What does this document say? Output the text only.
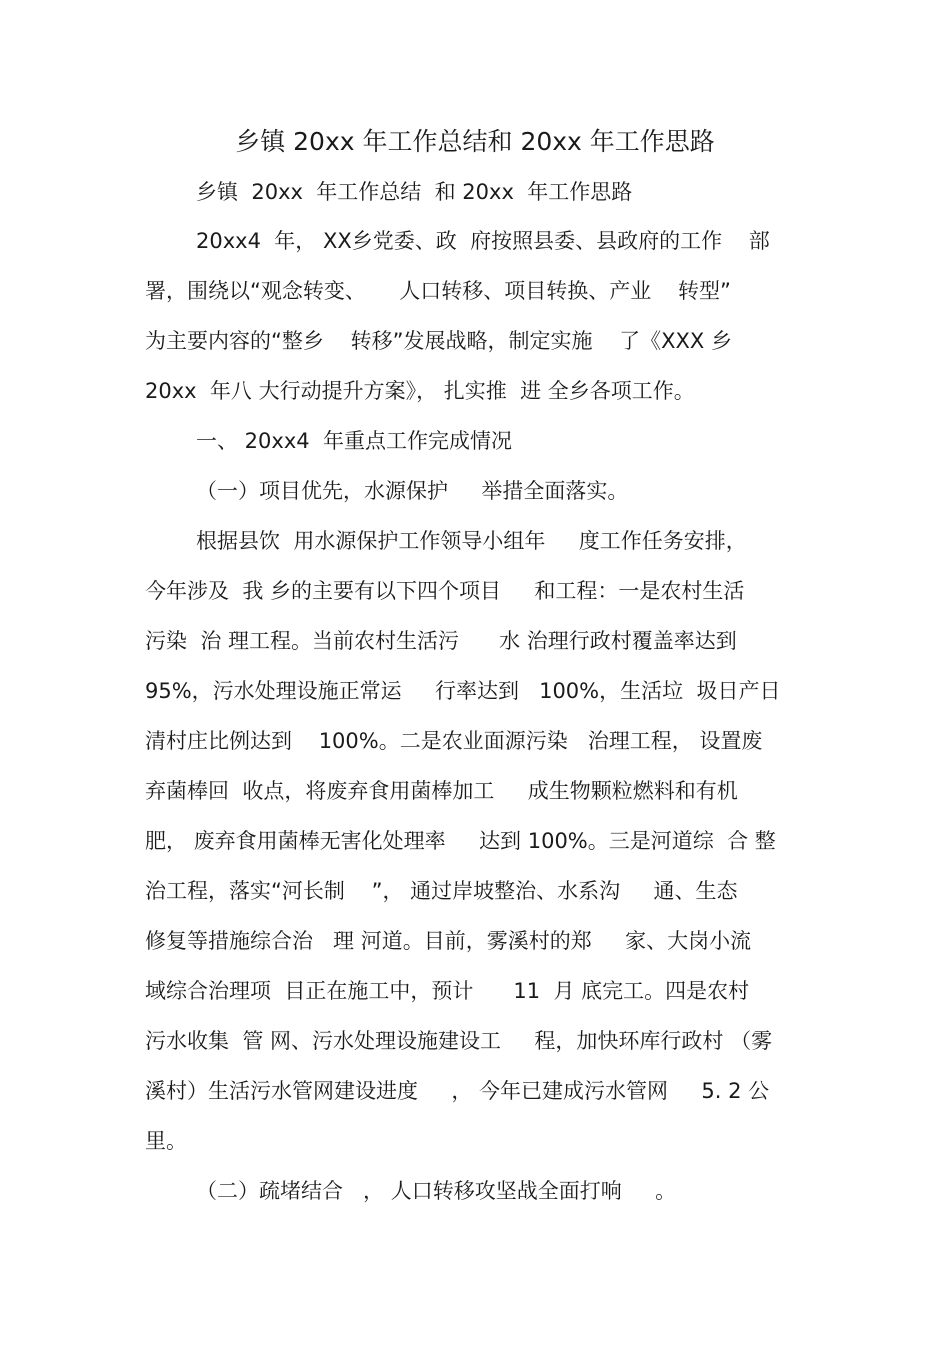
乡镇 20xx 年工作总结和 20xx 年工作思路
乡镇  20xx  年工作总结  和 20xx  年工作思路
20xx4  年， XX乡党委、政  府按照县委、县政府的工作    部
署，围绕以“观念转变、     人口转移、项目转换、产业    转型”
为主要内容的“整乡    转移”发展战略，制定实施    了《XXX 乡
20xx  年八 大行动提升方案》， 扎实推  进 全乡各项工作。
一、 20xx4  年重点工作完成情况
（一）项目优先，水源保护     举措全面落实。
根据县饮  用水源保护工作领导小组年     度工作任务安排，
今年涉及  我 乡的主要有以下四个项目     和工程：一是农村生活
污染  治 理工程。当前农村生活污      水 治理行政村覆盖率达到
95%，污水处理设施正常运     行率达到   100%，生活垃  圾日产日
清村庄比例达到    100%。二是农业面源污染   治理工程， 设置废
弃菌棒回  收点，将废弃食用菌棒加工     成生物颗粒燃料和有机
肥， 废弃食用菌棒无害化处理率     达到 100%。三是河道综  合 整
治工程，落实“河长制    ”， 通过岸坡整治、水系沟     通、生态
修复等措施综合治   理 河道。目前，雾溪村的郑     家、大岗小流
域综合治理项  目正在施工中，预计      11  月 底完工。四是农村
污水收集  管 网、污水处理设施建设工     程，加快环库行政村 （雾
溪村）生活污水管网建设进度     ， 今年已建成污水管网     5. 2 公
里。
（二）疏堵结合   ， 人口转移攻坚战全面打响     。
